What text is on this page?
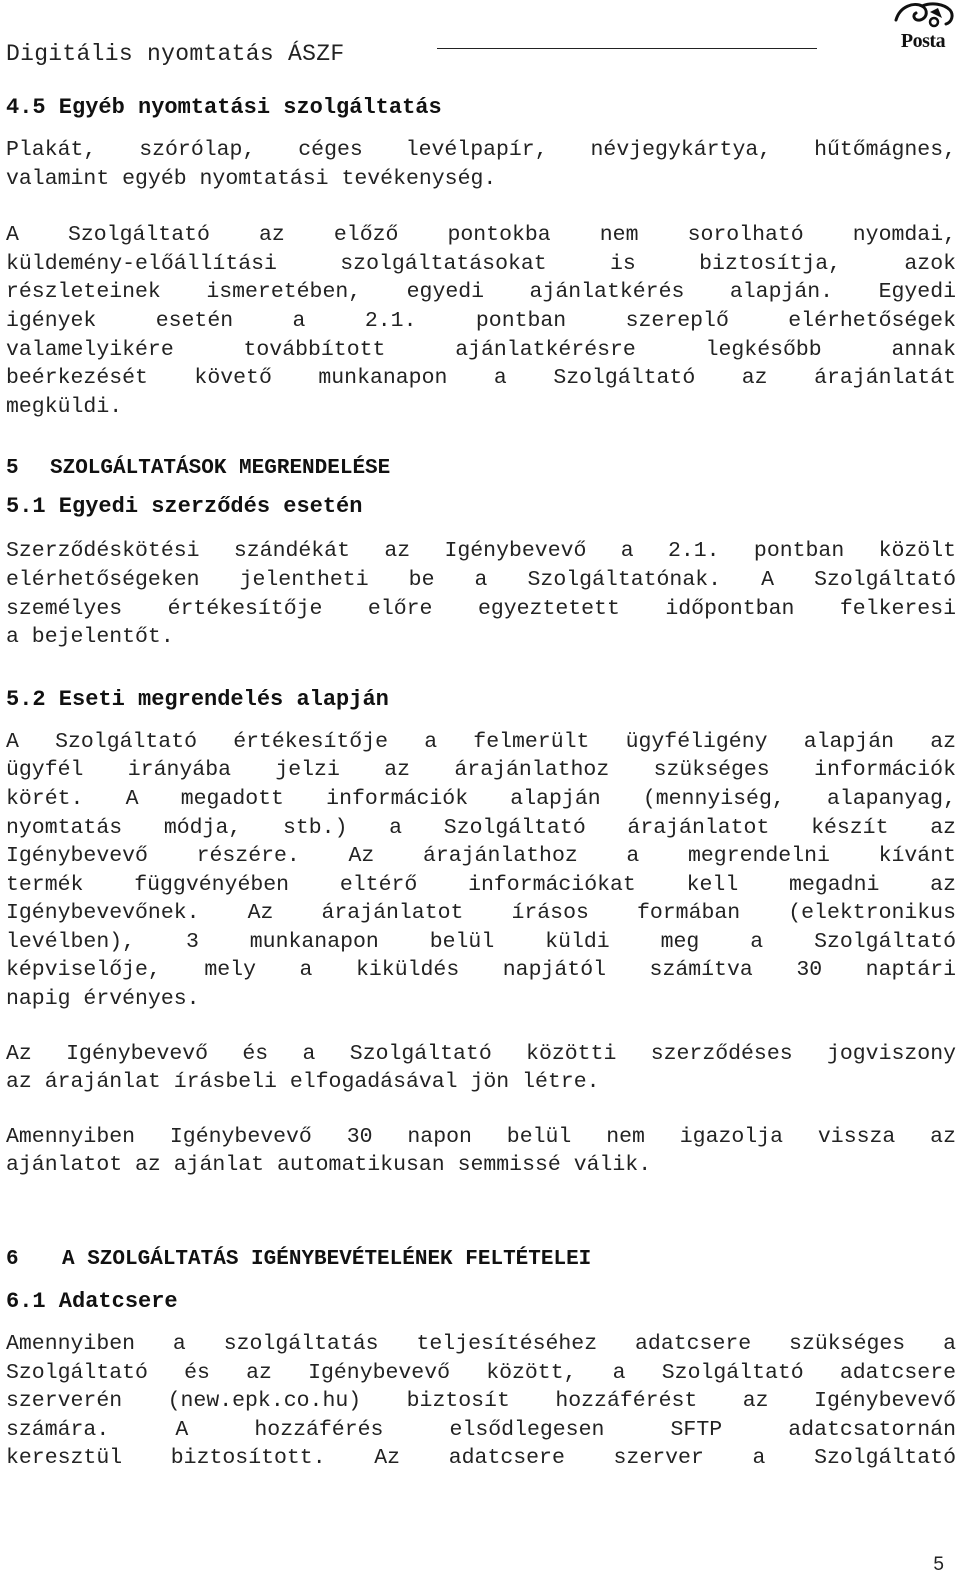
Digitális nyomtatás ÁSZF	Posta
4.5 Egyéb nyomtatási szolgáltatás

Plakát, szórólap, céges levélpapír, névjegykártya, hűtőmágnes,
valamint egyéb nyomtatási tevékenység.

A Szolgáltató az előző pontokba nem sorolható nyomdai,
küldemény-előállítási szolgáltatásokat is biztosítja, azok
részleteinek ismeretében, egyedi ajánlatkérés alapján. Egyedi
igények esetén a 2.1. pontban szereplő elérhetőségek
valamelyikére továbbított ajánlatkérésre legkésőbb annak
beérkezését követő munkanapon a Szolgáltató az árajánlatát
megküldi.

5 SZOLGÁLTATÁSOK MEGRENDELÉSE
5.1 Egyedi szerződés esetén

Szerződéskötési szándékát az Igénybevevő a 2.1. pontban közölt
elérhetőségeken jelentheti be a Szolgáltatónak. A Szolgáltató
személyes értékesítője előre egyeztetett időpontban felkeresi
a bejelentőt.

5.2 Eseti megrendelés alapján

A Szolgáltató értékesítője a felmerült ügyféligény alapján az
ügyfél irányába jelzi az árajánlathoz szükséges információk
körét. A megadott információk alapján (mennyiség, alapanyag,
nyomtatás módja, stb.) a Szolgáltató árajánlatot készít az
Igénybevevő részére. Az árajánlathoz a megrendelni kívánt
termék függvényében eltérő információkat kell megadni az
Igénybevevőnek. Az árajánlatot írásos formában (elektronikus
levélben), 3 munkanapon belül küldi meg a Szolgáltató
képviselője, mely a kiküldés napjától számítva 30 naptári
napig érvényes.

Az Igénybevevő és a Szolgáltató közötti szerződéses jogviszony
az árajánlat írásbeli elfogadásával jön létre.

Amennyiben Igénybevevő 30 napon belül nem igazolja vissza az
ajánlatot az ajánlat automatikusan semmissé válik.

6 A SZOLGÁLTATÁS IGÉNYBEVÉTELÉNEK FELTÉTELEI
6.1 Adatcsere

Amennyiben a szolgáltatás teljesítéséhez adatcsere szükséges a
Szolgáltató és az Igénybevevő között, a Szolgáltató adatcsere
szerverén (new.epk.co.hu) biztosít hozzáférést az Igénybevevő
számára. A hozzáférés elsődlegesen SFTP adatcsatornán
keresztül biztosított. Az adatcsere szerver a Szolgáltató

5
